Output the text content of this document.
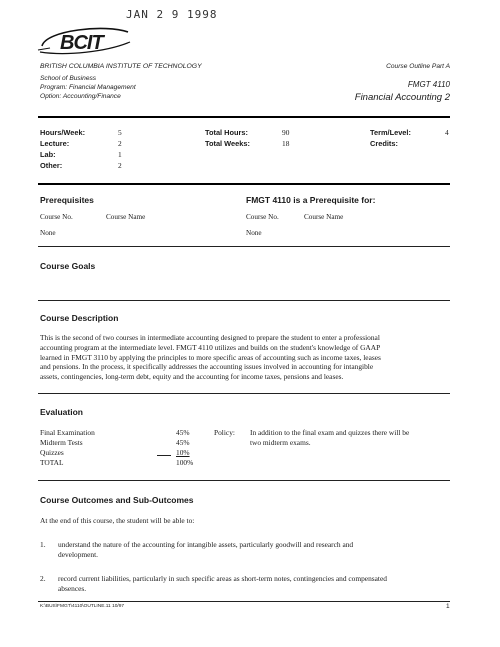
JAN 2 9 1998
BCIT
BRITISH COLUMBIA INSTITUTE OF TECHNOLOGY
School of Business
Program: Financial Management
Option: Accounting/Finance
Course Outline Part A
FMGT 4110
Financial Accounting 2
Hours/Week:	5
Lecture:	2
Lab:	1
Other:	2
Total Hours:	90
Total Weeks:	18
Term/Level:	4
Credits:
Prerequisites
Course No.	Course Name
None
FMGT 4110 is a Prerequisite for:
Course No.	Course Name
None
Course Goals
Course Description
This is the second of two courses in intermediate accounting designed to prepare the student to enter a professional
accounting program at the intermediate level. FMGT 4110 utilizes and builds on the student's knowledge of GAAP
learned in FMGT 3110 by applying the principles to more specific areas of accounting such as income taxes, leases
and pensions. In the process, it specifically addresses the accounting issues involved in accounting for intangible
assets, contingencies, long-term debt, equity and the accounting for income taxes, pensions and leases.
Evaluation
Final Examination	45%
Midterm Tests	45%
Quizzes	10%
TOTAL	100%
Policy: In addition to the final exam and quizzes there will be
two midterm exams.
Course Outcomes and Sub-Outcomes
At the end of this course, the student will be able to:
1. understand the nature of the accounting for intangible assets, particularly goodwill and research and
development.
2. record current liabilities, particularly in such specific areas as short-term notes, contingencies and compensated
absences.
K:\BUS\FMGT\4110\OUTLINE.11 10/97	1
